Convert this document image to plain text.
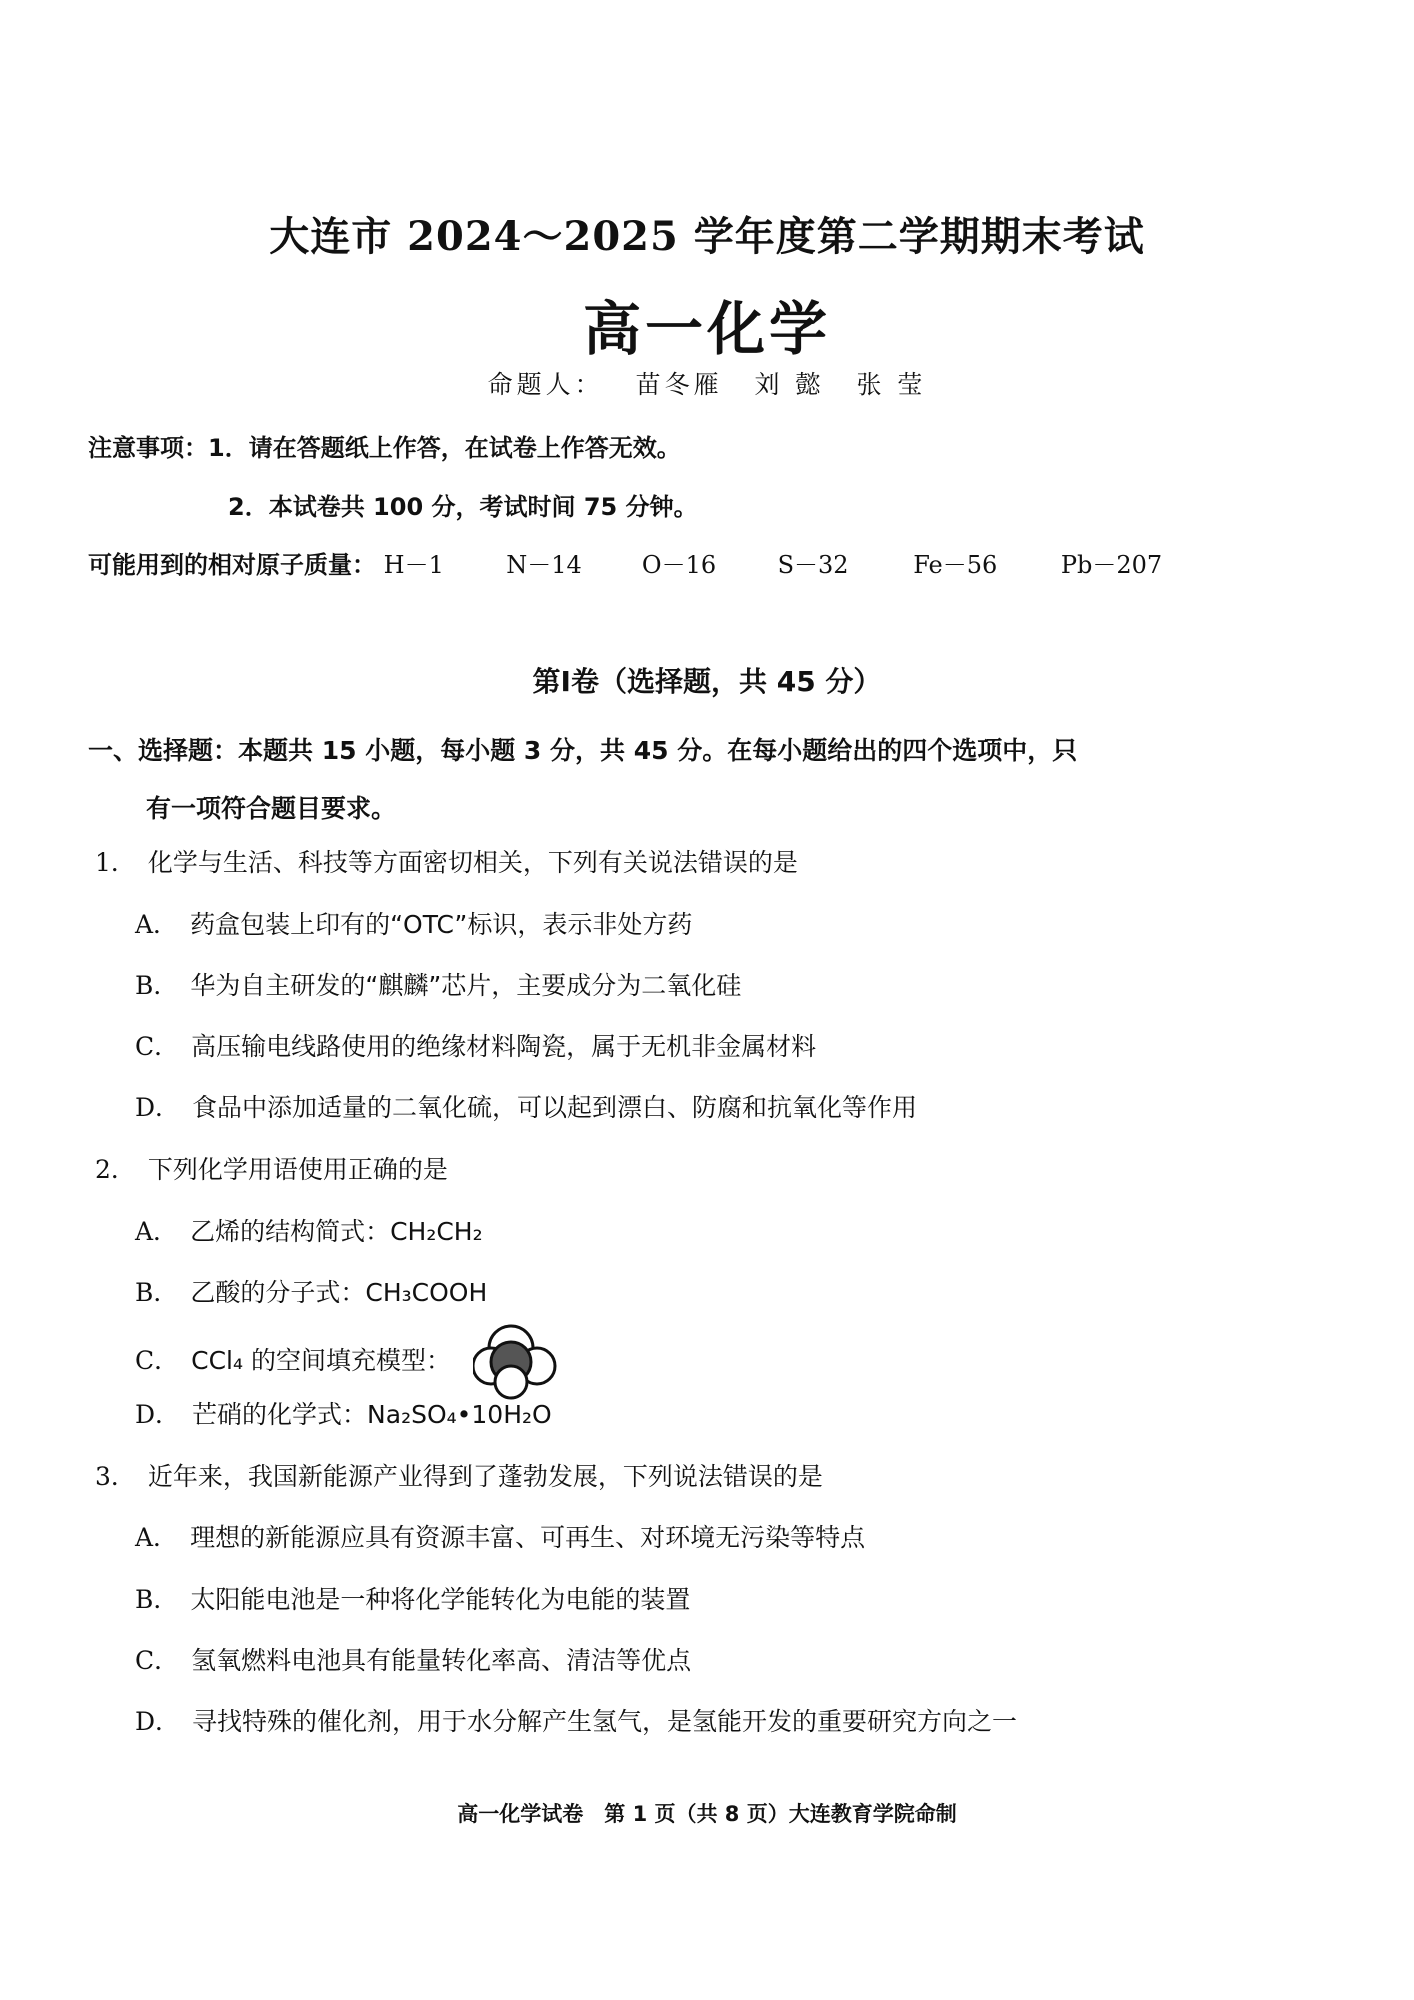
大连市 2024～2025 学年度第二学期期末考试
高一化学
命题人： 苗冬雁 刘 懿 张 莹
注意事项：1．请在答题纸上作答，在试卷上作答无效。
2．本试卷共 100 分，考试时间 75 分钟。
可能用到的相对原子质量： H－1	N－14	O－16	S－32	Fe－56	Pb－207
第Ⅰ卷（选择题，共 45 分）
一、选择题：本题共 15 小题，每小题 3 分，共 45 分。在每小题给出的四个选项中，只
有一项符合题目要求。
1． 化学与生活、科技等方面密切相关，下列有关说法错误的是
A． 药盒包装上印有的“OTC”标识，表示非处方药
B． 华为自主研发的“麒麟”芯片，主要成分为二氧化硅
C． 高压输电线路使用的绝缘材料陶瓷，属于无机非金属材料
D． 食品中添加适量的二氧化硫，可以起到漂白、防腐和抗氧化等作用
2． 下列化学用语使用正确的是
A． 乙烯的结构简式：CH₂CH₂
B． 乙酸的分子式：CH₃COOH
C． CCl₄ 的空间填充模型：
D． 芒硝的化学式：Na₂SO₄•10H₂O
3． 近年来，我国新能源产业得到了蓬勃发展，下列说法错误的是
A． 理想的新能源应具有资源丰富、可再生、对环境无污染等特点
B． 太阳能电池是一种将化学能转化为电能的装置
C． 氢氧燃料电池具有能量转化率高、清洁等优点
D． 寻找特殊的催化剂，用于水分解产生氢气，是氢能开发的重要研究方向之一
高一化学试卷　第 1 页（共 8 页）大连教育学院命制
